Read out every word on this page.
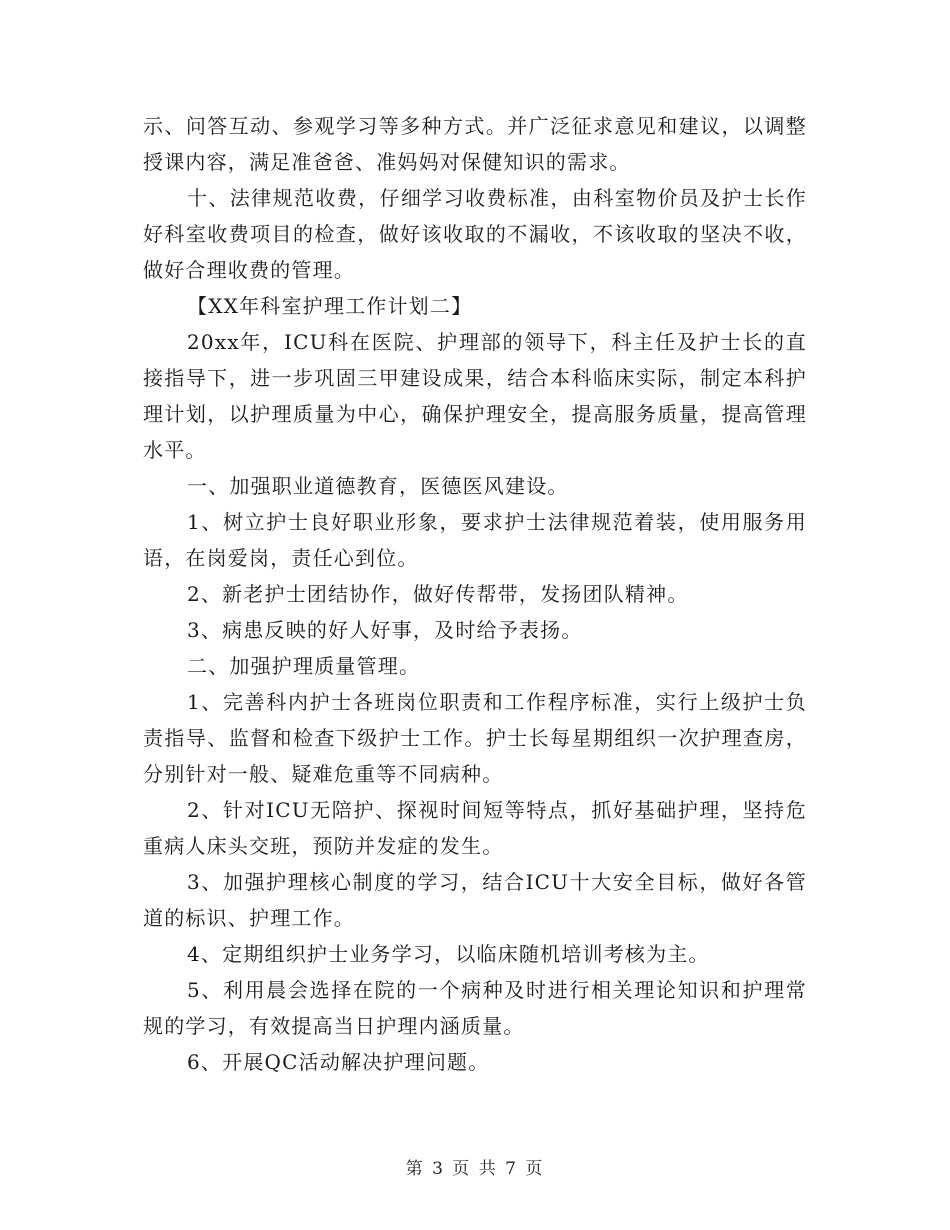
示、问答互动、参观学习等多种方式。并广泛征求意见和建议，以调整授课内容，满足准爸爸、准妈妈对保健知识的需求。

十、法律规范收费，仔细学习收费标准，由科室物价员及护士长作好科室收费项目的检查，做好该收取的不漏收，不该收取的坚决不收，做好合理收费的管理。

【XX年科室护理工作计划二】

20xx年，ICU科在医院、护理部的领导下，科主任及护士长的直接指导下，进一步巩固三甲建设成果，结合本科临床实际，制定本科护理计划，以护理质量为中心，确保护理安全，提高服务质量，提高管理水平。

一、加强职业道德教育，医德医风建设。

1、树立护士良好职业形象，要求护士法律规范着装，使用服务用语，在岗爱岗，责任心到位。

2、新老护士团结协作，做好传帮带，发扬团队精神。

3、病患反映的好人好事，及时给予表扬。

二、加强护理质量管理。

1、完善科内护士各班岗位职责和工作程序标准，实行上级护士负责指导、监督和检查下级护士工作。护士长每星期组织一次护理查房，分别针对一般、疑难危重等不同病种。

2、针对ICU无陪护、探视时间短等特点，抓好基础护理，坚持危重病人床头交班，预防并发症的发生。

3、加强护理核心制度的学习，结合ICU十大安全目标，做好各管道的标识、护理工作。

4、定期组织护士业务学习，以临床随机培训考核为主。

5、利用晨会选择在院的一个病种及时进行相关理论知识和护理常规的学习，有效提高当日护理内涵质量。

6、开展QC活动解决护理问题。

第 3 页 共 7 页
